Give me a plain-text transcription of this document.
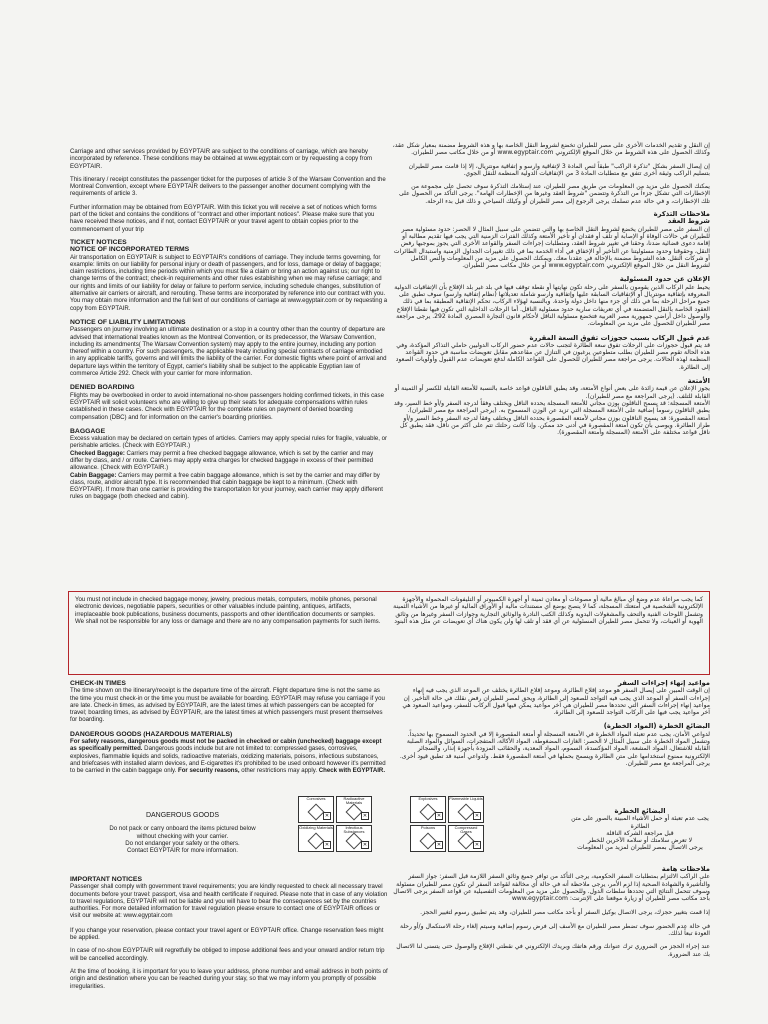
Carriage and other services provided by EGYPTAIR are subject to the conditions of carriage, which are hereby incorporated by reference. These conditions may be obtained at www.egyptair.com or by requesting a copy from EGYPTAIR.

This itinerary / receipt constitutes the passenger ticket for the purposes of article 3 of the Warsaw Convention and the Montreal Convention, except where EGYPTAIR delivers to the passenger another document complying with the requirements of article 3.

Further information may be obtained from EGYPTAIR. With this ticket you will receive a set of notices which forms part of the ticket and contains the conditions of "contract and other important notices". Please make sure that you have received these notices, and if not, contact EGYPTAIR or your travel agent to obtain copies prior to the commencement of your trip

TICKET NOTICES

NOTICE OF INCORPORATED TERMS

Air transportation on EGYPTAIR is subject to EGYPTAIR's conditions of carriage. They include terms governing, for example: limits on our liability for personal injury or death of passengers, and for loss, damage or delay of baggage; claim restrictions, including time periods within which you must file a claim or bring an action against us; our right to change terms of the contract; check-in requirements and other rules establishing when we may refuse carriage; and our rights and limits of our liability for delay or failure to perform service, including schedule changes, substitution of alternative air carriers or aircraft, and rerouting. These terms are incorporated by reference into our contract with you. You may obtain more information and the full text of our conditions of carriage at www.egyptair.com or by requesting a copy from EGYPTAIR.

NOTICE OF LIABILITY LIMITATIONS

Passengers on journey involving an ultimate destination or a stop in a country other than the country of departure are advised that international treaties known as the Montreal Convention, or its predecessor, the Warsaw Convention, including its amendments( The Warsaw Convention system) may apply to the entire journey, including any portion thereof within a country. For such passengers, the applicable treaty including special contracts of carriage embodied in any applicable tariffs, governs and will limits the liability of the carrier. For domestic flights where point of arrival and departure lays within the territory of Egypt, carrier's liability shall be subject to the applicable Egyptian law of commerce Article 292. Check with your carrier for more information.

DENIED BOARDING

Flights may be overbooked in order to avoid international no-show passengers holding confirmed tickets, in this case EGYPTAIR will solicit volunteers who are willing to give up their seats for adequate compensations within rules established in these cases. Check with EGYPTAIR for the complete rules on payment of denied boarding compensation (DBC) and for information on the carrier's boarding priorities.

BAGGAGE

Excess valuation may be declared on certain types of articles. Carriers may apply special rules for fragile, valuable, or perishable articles. (Check with EGYPTAIR.)

Checked Baggage: Carriers may permit a free checked baggage allowance, which is set by the carrier and may differ by class, and / or route. Carriers may apply extra charges for checked baggage in excess of their permitted allowance. (Check with EGYPTAIR.)

Cabin Baggage: Carriers may permit a free cabin baggage allowance, which is set by the carrier and may differ by class, route, and/or aircraft type. It is recommended that cabin baggage be kept to a minimum. (Check with EGYPTAIR). If more than one carrier is providing the transportation for your journey, each carrier may apply different rules on baggage (both checked and cabin).

إن النقل و تقديم الخدمات الأخرى على مصر للطيران تخضع لشروط النقل الخاصة بها و هذه الشروط مضمنة بمعيار شكل عقد، وكذلك الحصول على هذه الشروط من خلال الموقع الإلكتروني www.egyptair.com أو من خلال مكاتب مصر للطيران.

إن إيصال السفر بشكل "تذكرة الراكب" طبقاً لنص المادة 3 لإتفاقية وارسو و إتفاقية مونتريال، إلا إذا قامت مصر للطيران بتسليم الراكب وثيقة أخرى تتفق مع متطلبات المادة 3 من الإتفاقيات الدولية المنظمة للنقل الجوي.

يمكنك الحصول على مزيد من المعلومات من طريق مصر للطيران، عند إستلامك التذكرة سوف تحصل على مجموعة من الإخطارات التي تشكل جزءاً من التذكرة وتتضمن "شروط العقد وغيرها من الإخطارات الهامة". يرجى التأكد من الحصول على تلك الإخطارات، و في حالة عدم تسلمك يرجى الرجوع إلى مصر للطيران أو وكيلك السياحي و ذلك قبل بدء الرحلة.

ملاحظات التذكرة

شروط العقد

إن السفر على مصر للطيران يخضع لشروط النقل الخاصة بها والتي تتضمن على سبيل المثال لا الحصر: حدود مسئولية مصر للطيران في حالات الوفاة أو الإصابة أو تلف أو فقدان أو تأخير الأمتعة وكذلك الفترات الزمنية التي يجب فيها تقديم مطالبة أو إقامة دعوى قضائية ضدنا، وحقنا في تغيير شروط العقد، ومتطلبات إجراءات السفر والقواعد الأخرى التي يجوز بموجبها رفض النقل، وحقوقنا وحدود مسئوليتنا عن التأخير أو الإخفاق في أداء الخدمة بما في ذلك تغييرات الجداول الزمنية واستبدال الطائرات أو شركات النقل. هذه الشروط مضمنة بالإحالة في عقدنا معك. ويمكنك الحصول على مزيد من المعلومات والنص الكامل لشروط النقل من خلال الموقع الإلكتروني www.egyptair.com أو من خلال مكاتب مصر للطيران.

الإعلان عن حدود المسئولية

يحيط علم الركاب الذين يقومون بالسفر على رحلة تكون نهايتها أو نقطة توقف فيها في بلد غير بلد الإقلاع بأن الإتفاقيات الدولية المعروفة بإتفاقية مونتريال أو الإتفاقيات السابقة عليها وإتفاقية وارسو شاملة تعديلاتها (نظام إتفاقية وارسو) سوف تطبق على جميع مراحل الرحلة بما في ذلك أي جزء منها داخل دولة واحدة. وبالنسبة لهؤلاء الركاب، تحكم الإتفاقية المطبقة بما في ذلك العقود الخاصة بالنقل المتضمنة في أي تعريفات سارية حدود مسئولية الناقل. أما الرحلات الداخلية التي تكون فيها نقطتا الإقلاع والوصول داخل أراضي جمهورية مصر العربية فتخضع مسئولية الناقل لأحكام قانون التجارة المصري المادة 292. يرجى مراجعة مصر للطيران للحصول على مزيد من المعلومات.

عدم قبول الركاب بسبب حجوزات تفوق السعة المقررة

قد يتم قبول حجوزات على الرحلات تفوق سعة الطائرة لتجنب حالات عدم حضور الركاب الدوليين حاملي التذاكر المؤكدة، وفي هذه الحالة تقوم مصر للطيران بطلب متطوعين يرغبون في التنازل عن مقاعدهم مقابل تعويضات مناسبة في حدود القواعد المنظمة لهذه الحالات. يرجى مراجعة مصر للطيران للحصول على القواعد الكاملة لدفع تعويضات عدم القبول وأولويات الصعود إلى الطائرة.

الأمتعة

يجوز الإعلان عن قيمة زائدة على بعض أنواع الأمتعة، وقد يطبق الناقلون قواعد خاصة بالنسبة للأمتعة القابلة للكسر أو الثمينة أو القابلة للتلف. (يرجى المراجعة مع مصر للطيران).

الأمتعة المسجلة: قد يسمح الناقلون بوزن مجاني للأمتعة المسجلة يحدده الناقل ويختلف وفقاً لدرجة السفر و/أو خط السير، وقد يطبق الناقلون رسوماً إضافية على الأمتعة المسجلة التي تزيد عن الوزن المسموح به. (يرجى المراجعة مع مصر للطيران).

أمتعة المقصورة: قد يسمح الناقلون بوزن مجاني لأمتعة المقصورة يحدده الناقل ويختلف وفقاً لدرجة السفر وخط السير و/أو طراز الطائرة. ويوصى بأن تكون أمتعة المقصورة في أدنى حد ممكن. وإذا كانت رحلتك تتم على أكثر من ناقل، فقد يطبق كل ناقل قواعد مختلفة على الأمتعة (المسجلة وأمتعة المقصورة).

You must not include in checked baggage money, jewelry, precious metals, computers, mobile phones, personal electronic devices, negotiable papers, securities or other valuables include painting, antiques, artifacts, irreplaceable book publications, business documents, passports and other identification documents or samples. We shall not be responsible for any loss or damage and there are no any compensation payments for such items.
كما يجب مراعاة عدم وضع أي مبالغ مالية أو مصوغات أو معادن ثمينة أو أجهزة الكمبيوتر أو التليفونات المحمولة والأجهزة الإلكترونية الشخصية في أمتعتك المسجلة، كما لا ينصح بوضع أي مستندات مالية أو الأوراق المالية أو غيرها من الأشياء الثمينة وتشمل اللوحات الفنية والتحف والمشغولات اليدوية وكذلك الكتب النادرة والوثائق التجارية وجوازات السفر وغيرها من وثائق الهوية أو العينات، ولا تتحمل مصر للطيران المسئولية عن أي فقد أو تلف لها ولن يكون هناك أي تعويضات عن مثل هذه البنود

CHECK-IN TIMES

The time shown on the itinerary/receipt is the departure time of the aircraft. Flight departure time is not the same as the time you must check-in or the time you must be available for boarding. EGYPTAIR may refuse you carriage if you are late. Check-in times, as advised by EGYPTAIR, are the latest times at which passengers can be accepted for travel; boarding times, as advised by EGYPTAIR, are the latest times at which passengers must present themselves for boarding.

DANGEROUS GOODS (HAZARDOUS MATERIALS)

For safety reasons, dangerous goods must not be packed in checked or cabin (unchecked) baggage except as specifically permitted. Dangerous goods include but are not limited to: compressed gases, corrosives, explosives, flammable liquids and solids, radioactive materials, oxidizing materials, poisons, infectious substances, and briefcases with installed alarm devices, and E-cigarettes it's prohibited to be used onboard however it's permitted to be carried in the cabin baggage only. For security reasons, other restrictions may apply. Check with EGYPTAIR.

مواعيد إنهاء إجراءات السفر

إن الوقت المبين على إيصال السفر هو موعد إقلاع الطائرة، وموعد إقلاع الطائرة يختلف عن الموعد الذي يجب فيه إنهاء إجراءات السفر أو الموعد الذي يجب فيه التواجد للصعود إلى الطائرة، ويحق لمصر للطيران رفض نقلك في حالة التأخير. إن مواعيد إنهاء إجراءات السفر التي تحددها مصر للطيران هي آخر مواعيد يمكن فيها قبول الركاب للسفر، ومواعيد الصعود هي آخر مواعيد يجب فيها على الركاب التواجد للصعود إلى الطائرة.

البضائع الخطرة (المواد الخطرة)

لدواعي الأمان، يجب عدم تعبئة المواد الخطرة في الأمتعة المسجلة أو أمتعة المقصورة إلا في الحدود المسموح بها تحديداً. وتشمل المواد الخطرة على سبيل المثال لا الحصر: الغازات المضغوطة، المواد الأكالة، المتفجرات، السوائل والمواد الصلبة القابلة للاشتعال، المواد المشعة، المواد المؤكسدة، السموم، المواد المعدية، والحقائب المزودة بأجهزة إنذار، والسجائر الإلكترونية ممنوع استخدامها على متن الطائرة ويسمح بحملها في أمتعة المقصورة فقط. ولدواعي أمنية قد تطبق قيود أخرى. يرجى المراجعة مع مصر للطيران.

DANGEROUS GOODS
Do not pack or carry onboard the items pictured below
without checking with your carrier.
Do not endanger your safety or the others.
Contact EGYPTAIR for more information.
Corrosives
✕
Radioactive Materials
✕
Oxidizing Materials
✕
Infectious Substances
✕
Explosives
✕
Flammable Liquids
✕
Poisons
✕
Compressed Gases
✕
البضائع الخطرة
يجب عدم تعبئة أو حمل الأشياء المبينة بالصور على متن الطائرة
قبل مراجعة الشركة الناقلة
لا تعرض سلامتك أو سلامة الآخرين للخطر
يرجى الاتصال بمصر للطيران لمزيد من المعلومات

IMPORTANT NOTICES

Passenger shall comply with government travel requirements; you are kindly requested to check all necessary travel documents before your travel: passport, visa and health certificate if required. Please note that in case of any violation to travel regulations, EGYPTAIR will not be liable and you will have to bear the consequences set by the countries authorities. For more detailed information for travel regulation please ensure to contact one of EGYPTAIR offices or visit our website at: www.egyptair.com

If you change your reservation, please contact your travel agent or EGYPTAIR office. Change reservation fees might be applied.

In case of no-show EGYPTAIR will regretfully be obliged to impose additional fees and your onward and/or return trip will be cancelled accordingly.

At the time of booking, it is important for you to leave your address, phone number and email address in both points of origin and destination where you can be reached during your stay, so that we may inform you promptly of possible irregularities.

ملاحظات هامة

على الراكب الالتزام بمتطلبات السفر الحكومية، يرجى التأكد من توافر جميع وثائق السفر اللازمة قبل السفر: جواز السفر والتأشيرة والشهادة الصحية إذا لزم الأمر، يرجى ملاحظة أنه في حالة أي مخالفة لقواعد السفر لن تكون مصر للطيران مسئولة وسوف تتحمل النتائج التي تحددها سلطات الدول. وللحصول على مزيد من المعلومات التفصيلية عن قواعد السفر يرجى الاتصال بأحد مكاتب مصر للطيران أو زيارة موقعنا على الإنترنت: www.egyptair.com

إذا قمت بتغيير حجزك، يرجى الاتصال بوكيل السفر أو بأحد مكاتب مصر للطيران، وقد يتم تطبيق رسوم لتغيير الحجز.

في حالة عدم الحضور سوف تضطر مصر للطيران مع الأسف إلى فرض رسوم إضافية وسيتم إلغاء رحلة الاستكمال و/أو رحلة العودة تبعاً لذلك.

عند إجراء الحجز من الضروري ترك عنوانك ورقم هاتفك وبريدك الإلكتروني في نقطتي الإقلاع والوصول حتى يتسنى لنا الاتصال بك عند الضرورة.
